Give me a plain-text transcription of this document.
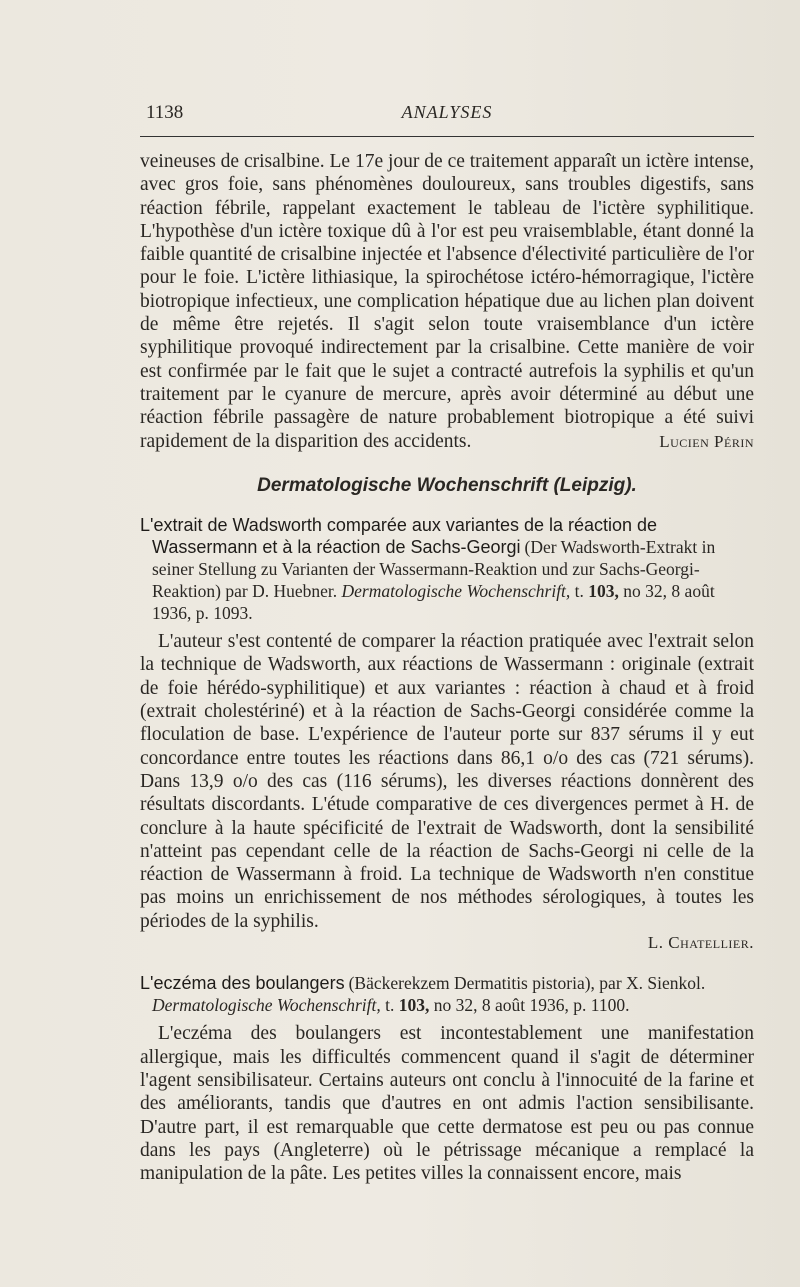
1138	ANALYSES

veineuses de crisalbine. Le 17e jour de ce traitement apparaît un ictère intense, avec gros foie, sans phénomènes douloureux, sans troubles digestifs, sans réaction fébrile, rappelant exactement le tableau de l'ictère syphilitique. L'hypothèse d'un ictère toxique dû à l'or est peu vraisemblable, étant donné la faible quantité de crisalbine injectée et l'absence d'électivité particulière de l'or pour le foie. L'ictère lithiasique, la spirochétose ictéro-hémorragique, l'ictère biotropique infectieux, une complication hépatique due au lichen plan doivent de même être rejetés. Il s'agit selon toute vraisemblance d'un ictère syphilitique provoqué indirectement par la crisalbine. Cette manière de voir est confirmée par le fait que le sujet a contracté autrefois la syphilis et qu'un traitement par le cyanure de mercure, après avoir déterminé au début une réaction fébrile passagère de nature probablement biotropique a été suivi rapidement de la disparition des accidents.	Lucien Périn

Dermatologische Wochenschrift (Leipzig).
L'extrait de Wadsworth comparée aux variantes de la réaction de Wassermann et à la réaction de Sachs-Georgi (Der Wadsworth-Extrakt in seiner Stellung zu Varianten der Wassermann-Reaktion und zur Sachs-Georgi-Reaktion) par D. Huebner. Dermatologische Wochenschrift, t. 103, no 32, 8 août 1936, p. 1093.

L'auteur s'est contenté de comparer la réaction pratiquée avec l'extrait selon la technique de Wadsworth, aux réactions de Wassermann : originale (extrait de foie hérédo-syphilitique) et aux variantes : réaction à chaud et à froid (extrait cholestériné) et à la réaction de Sachs-Georgi considérée comme la floculation de base. L'expérience de l'auteur porte sur 837 sérums il y eut concordance entre toutes les réactions dans 86,1 o/o des cas (721 sérums). Dans 13,9 o/o des cas (116 sérums), les diverses réactions donnèrent des résultats discordants. L'étude comparative de ces divergences permet à H. de conclure à la haute spécificité de l'extrait de Wadsworth, dont la sensibilité n'atteint pas cependant celle de la réaction de Sachs-Georgi ni celle de la réaction de Wassermann à froid. La technique de Wadsworth n'en constitue pas moins un enrichissement de nos méthodes sérologiques, à toutes les périodes de la syphilis.

L. Chatellier.

L'eczéma des boulangers (Bäckerekzem Dermatitis pistoria), par X. Sienkol. Dermatologische Wochenschrift, t. 103, no 32, 8 août 1936, p. 1100.

L'eczéma des boulangers est incontestablement une manifestation allergique, mais les difficultés commencent quand il s'agit de déterminer l'agent sensibilisateur. Certains auteurs ont conclu à l'innocuité de la farine et des améliorants, tandis que d'autres en ont admis l'action sensibilisante. D'autre part, il est remarquable que cette dermatose est peu ou pas connue dans les pays (Angleterre) où le pétrissage mécanique a remplacé la manipulation de la pâte. Les petites villes la connaissent encore, mais
